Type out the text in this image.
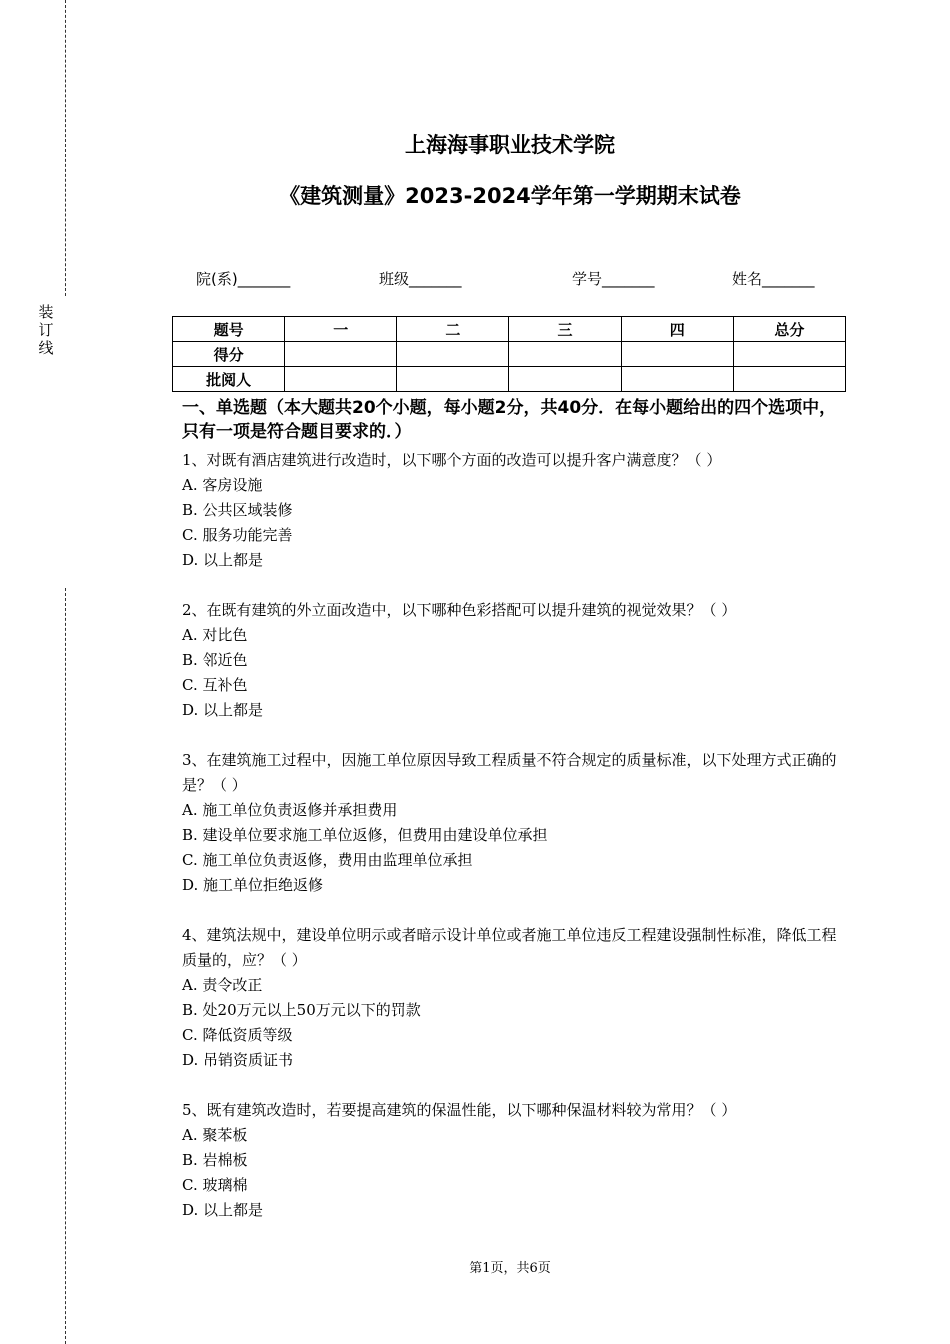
装
订
线
上海海事职业技术学院
《建筑测量》2023-2024学年第一学期期末试卷
院(系)_______	班级_______	学号_______	姓名_______
题号	一	二	三	四	总分
得分					
批阅人					

一、单选题（本大题共20个小题，每小题2分，共40分．在每小题给出的四个选项中，只有一项是符合题目要求的．）

1、对既有酒店建筑进行改造时，以下哪个方面的改造可以提升客户满意度？（ ）

A. 客房设施

B. 公共区域装修

C. 服务功能完善

D. 以上都是

2、在既有建筑的外立面改造中，以下哪种色彩搭配可以提升建筑的视觉效果？（ ）

A. 对比色

B. 邻近色

C. 互补色

D. 以上都是

3、在建筑施工过程中，因施工单位原因导致工程质量不符合规定的质量标准，以下处理方式正确的是？（ ）

A. 施工单位负责返修并承担费用

B. 建设单位要求施工单位返修，但费用由建设单位承担

C. 施工单位负责返修，费用由监理单位承担

D. 施工单位拒绝返修

4、建筑法规中，建设单位明示或者暗示设计单位或者施工单位违反工程建设强制性标准，降低工程质量的，应？（ ）

A. 责令改正

B. 处20万元以上50万元以下的罚款

C. 降低资质等级

D. 吊销资质证书

5、既有建筑改造时，若要提高建筑的保温性能，以下哪种保温材料较为常用？（ ）

A. 聚苯板

B. 岩棉板

C. 玻璃棉

D. 以上都是

第1页，共6页
